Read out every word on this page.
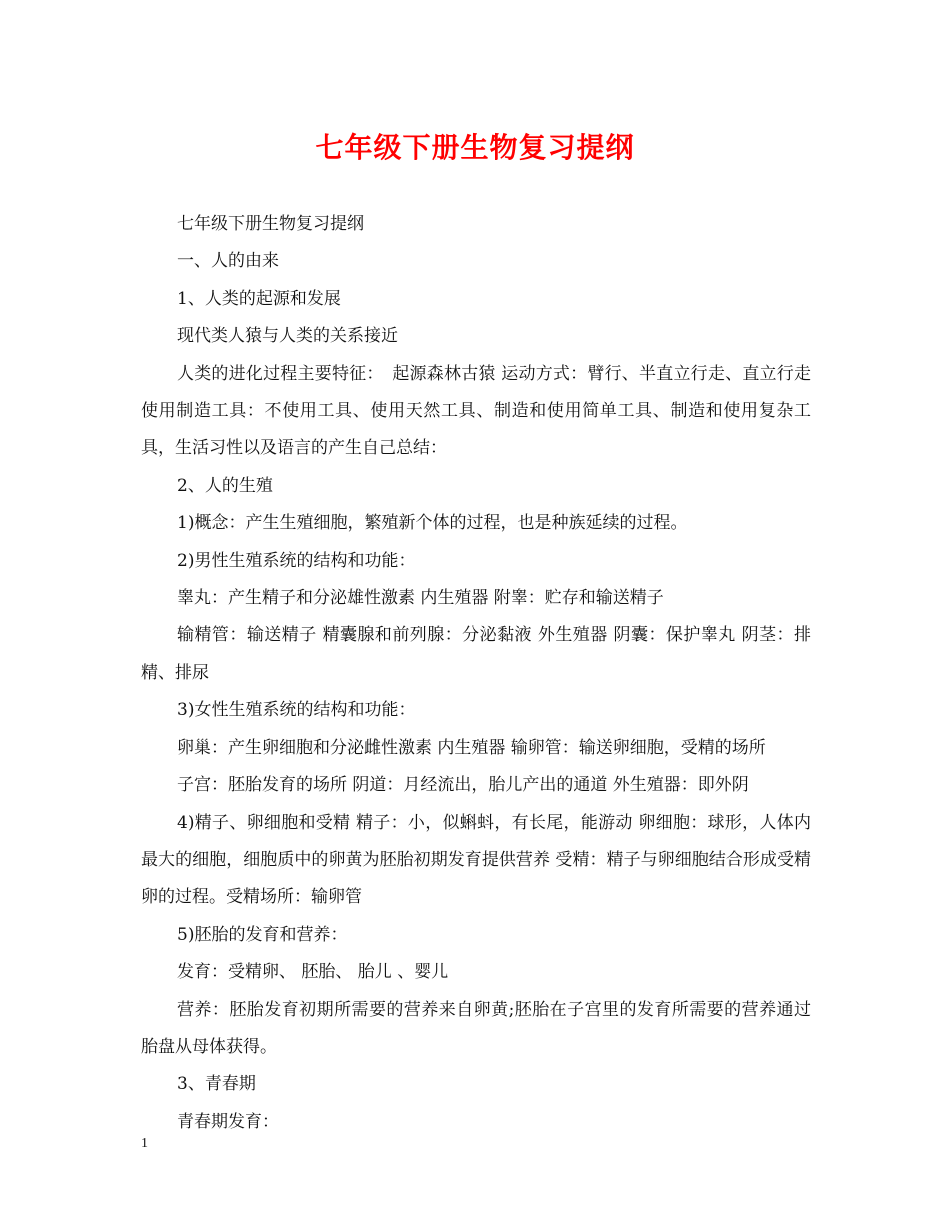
七年级下册生物复习提纲

七年级下册生物复习提纲

一、人的由来

1、人类的起源和发展

现代类人猿与人类的关系接近

人类的进化过程主要特征：　起源森林古猿 运动方式：臂行、半直立行走、直立行走 使用制造工具：不使用工具、使用天然工具、制造和使用简单工具、制造和使用复杂工具，生活习性以及语言的产生自己总结：

2、人的生殖

1)概念：产生生殖细胞，繁殖新个体的过程，也是种族延续的过程。

2)男性生殖系统的结构和功能：

睾丸：产生精子和分泌雄性激素 内生殖器 附睾：贮存和输送精子

输精管：输送精子 精囊腺和前列腺：分泌黏液 外生殖器 阴囊：保护睾丸 阴茎：排精、排尿

3)女性生殖系统的结构和功能：

卵巢：产生卵细胞和分泌雌性激素 内生殖器 输卵管：输送卵细胞，受精的场所

子宫：胚胎发育的场所 阴道：月经流出，胎儿产出的通道 外生殖器：即外阴

4)精子、卵细胞和受精 精子：小，似蝌蚪，有长尾，能游动 卵细胞：球形，人体内最大的细胞，细胞质中的卵黄为胚胎初期发育提供营养 受精：精子与卵细胞结合形成受精卵的过程。受精场所：输卵管

5)胚胎的发育和营养：

发育：受精卵、 胚胎、 胎儿 、婴儿

营养：胚胎发育初期所需要的营养来自卵黄;胚胎在子宫里的发育所需要的营养通过胎盘从母体获得。

3、青春期

青春期发育：

1
